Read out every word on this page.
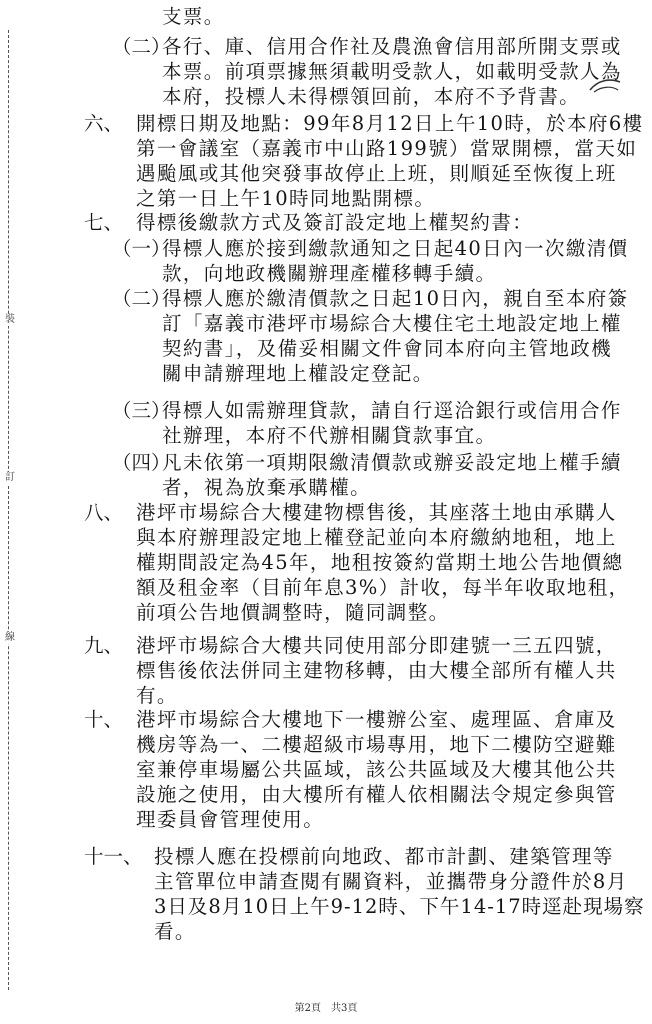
裝
訂
線
支票。
（二）
各行、庫、信用合作社及農漁會信用部所開支票或
本票。前項票據無須載明受款人，如載明受款人為
本府，投標人未得標領回前，本府不予背書。
六、 開標日期及地點：99年8月12日上午10時，於本府6樓
第一會議室（嘉義市中山路199號）當眾開標，當天如
遇颱風或其他突發事故停止上班，則順延至恢復上班
之第一日上午10時同地點開標。
七、 得標後繳款方式及簽訂設定地上權契約書：
（一）
得標人應於接到繳款通知之日起40日內一次繳清價
款，向地政機關辦理產權移轉手續。
（二）
得標人應於繳清價款之日起10日內，親自至本府簽
訂「嘉義市港坪市場綜合大樓住宅土地設定地上權
契約書」，及備妥相關文件會同本府向主管地政機
關申請辦理地上權設定登記。
（三）
得標人如需辦理貸款，請自行逕洽銀行或信用合作
社辦理，本府不代辦相關貸款事宜。
（四）
凡未依第一項期限繳清價款或辦妥設定地上權手續
者，視為放棄承購權。
八、 港坪市場綜合大樓建物標售後，其座落土地由承購人
與本府辦理設定地上權登記並向本府繳納地租，地上
權期間設定為45年，地租按簽約當期土地公告地價總
額及租金率（目前年息3%）計收，每半年收取地租，
前項公告地價調整時，隨同調整。
九、 港坪市場綜合大樓共同使用部分即建號一三五四號，
標售後依法併同主建物移轉，由大樓全部所有權人共
有。
十、 港坪市場綜合大樓地下一樓辦公室、處理區、倉庫及
機房等為一、二樓超級市場專用，地下二樓防空避難
室兼停車場屬公共區域，該公共區域及大樓其他公共
設施之使用，由大樓所有權人依相關法令規定參與管
理委員會管理使用。
十一、 投標人應在投標前向地政、都市計劃、建築管理等
主管單位申請查閱有關資料，並攜帶身分證件於8月
3日及8月10日上午9-12時、下午14-17時逕赴現場察
看。
第2頁　共3頁
